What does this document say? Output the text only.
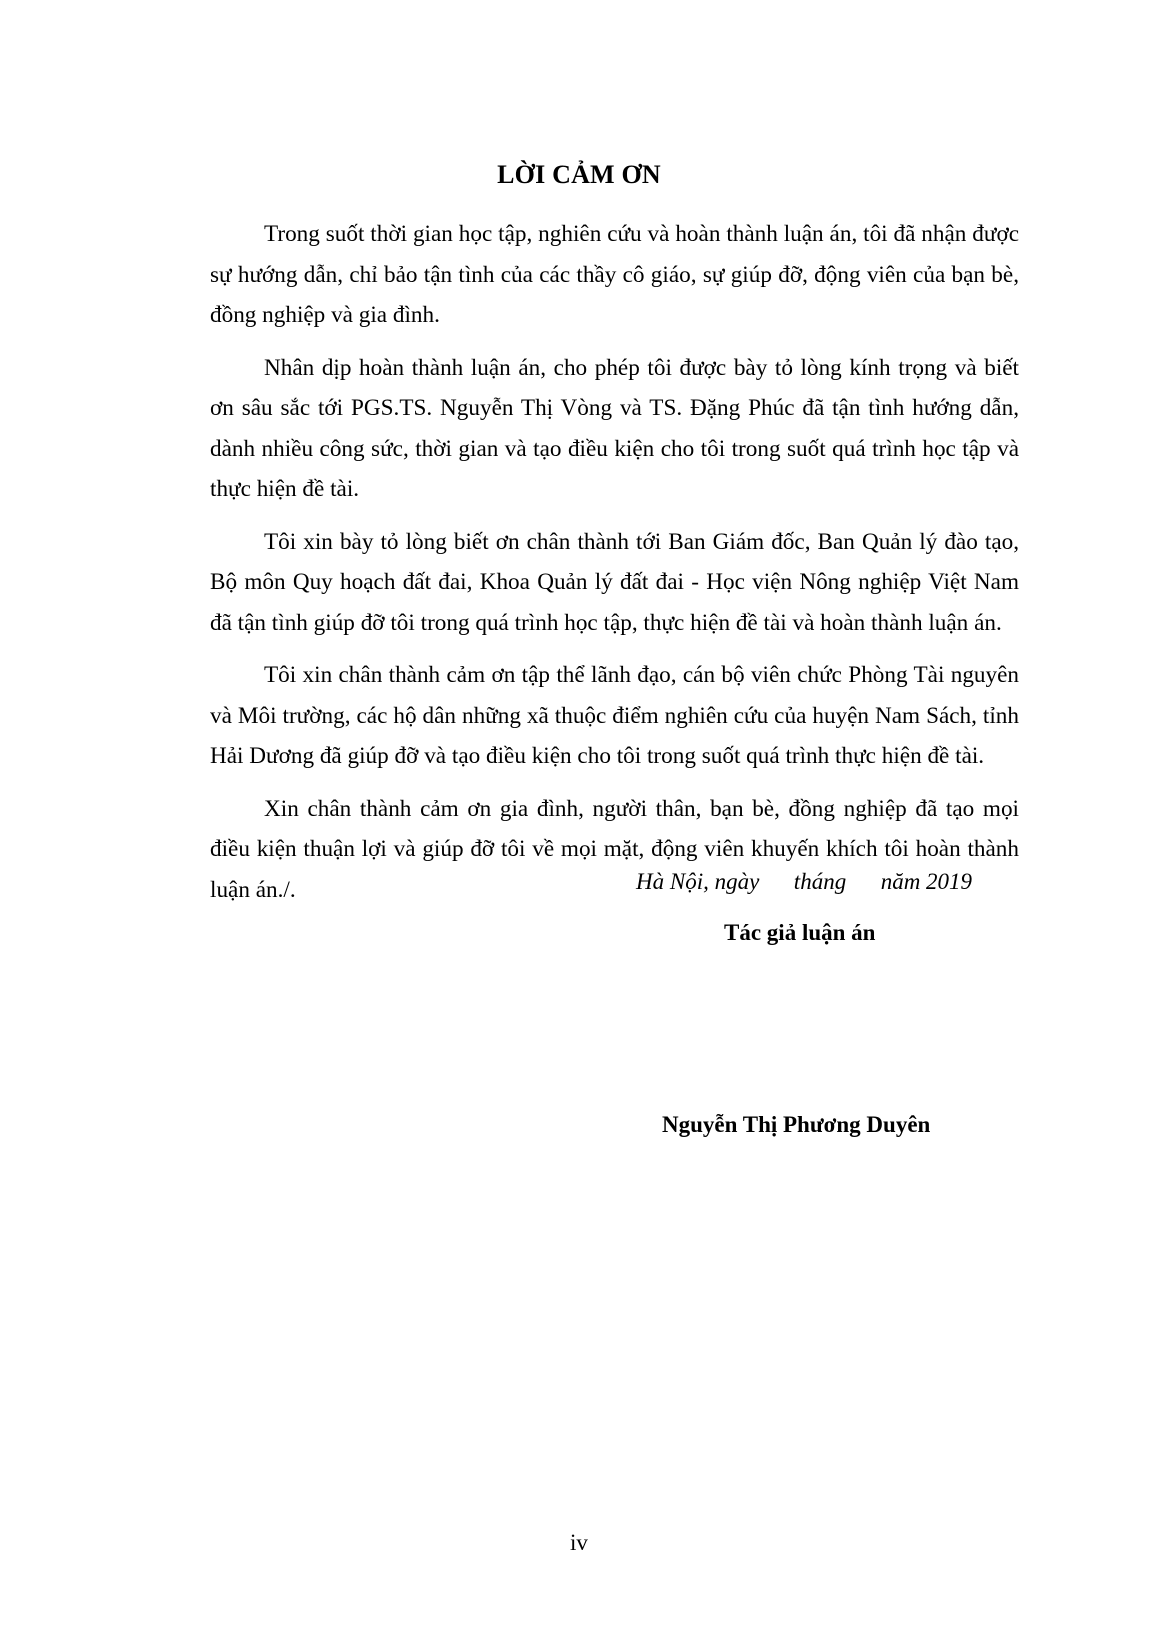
LỜI CẢM ƠN

Trong suốt thời gian học tập, nghiên cứu và hoàn thành luận án, tôi đã nhận được sự hướng dẫn, chỉ bảo tận tình của các thầy cô giáo, sự giúp đỡ, động viên của bạn bè, đồng nghiệp và gia đình.

Nhân dịp hoàn thành luận án, cho phép tôi được bày tỏ lòng kính trọng và biết ơn sâu sắc tới PGS.TS. Nguyễn Thị Vòng và TS. Đặng Phúc đã tận tình hướng dẫn, dành nhiều công sức, thời gian và tạo điều kiện cho tôi trong suốt quá trình học tập và thực hiện đề tài.

Tôi xin bày tỏ lòng biết ơn chân thành tới Ban Giám đốc, Ban Quản lý đào tạo, Bộ môn Quy hoạch đất đai, Khoa Quản lý đất đai - Học viện Nông nghiệp Việt Nam đã tận tình giúp đỡ tôi trong quá trình học tập, thực hiện đề tài và hoàn thành luận án.

Tôi xin chân thành cảm ơn tập thể lãnh đạo, cán bộ viên chức Phòng Tài nguyên và Môi trường, các hộ dân những xã thuộc điểm nghiên cứu của huyện Nam Sách, tỉnh Hải Dương đã giúp đỡ và tạo điều kiện cho tôi trong suốt quá trình thực hiện đề tài.

Xin chân thành cảm ơn gia đình, người thân, bạn bè, đồng nghiệp đã tạo mọi điều kiện thuận lợi và giúp đỡ tôi về mọi mặt, động viên khuyến khích tôi hoàn thành luận án./.	Hà Nội, ngày      tháng      năm 2019
Tác giả luận án
Nguyễn Thị Phương Duyên
iv
